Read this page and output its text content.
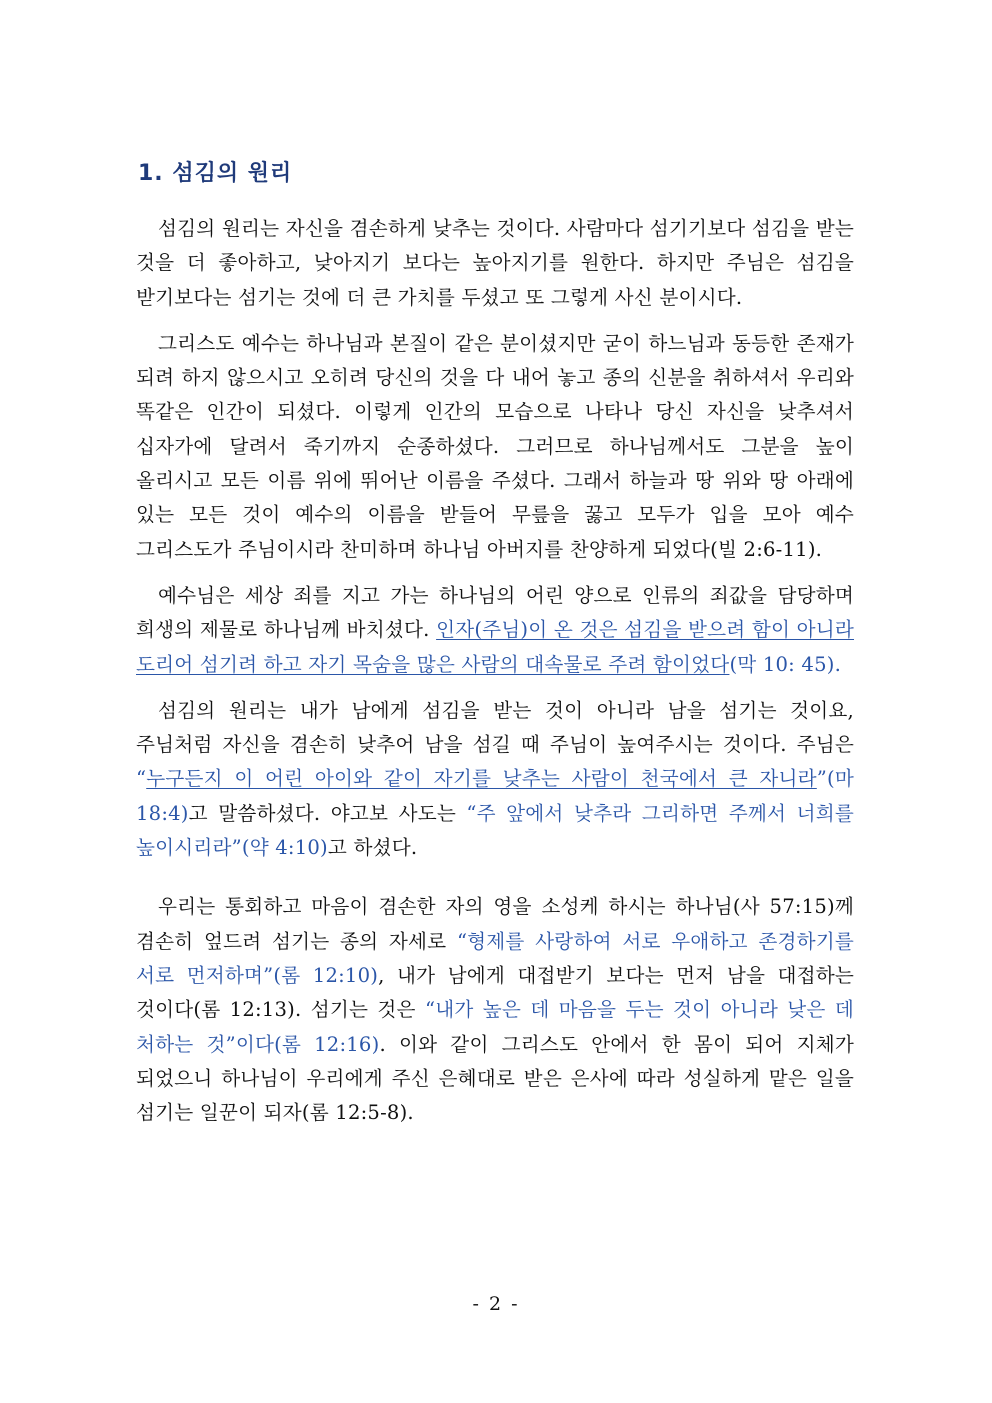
1. 섬김의 원리

섬김의 원리는 자신을 겸손하게 낮추는 것이다. 사람마다 섬기기보다 섬김을 받는 것을 더 좋아하고, 낮아지기 보다는 높아지기를 원한다. 하지만 주님은 섬김을 받기보다는 섬기는 것에 더 큰 가치를 두셨고 또 그렇게 사신 분이시다.

그리스도 예수는 하나님과 본질이 같은 분이셨지만 굳이 하느님과 동등한 존재가 되려 하지 않으시고 오히려 당신의 것을 다 내어 놓고 종의 신분을 취하셔서 우리와 똑같은 인간이 되셨다. 이렇게 인간의 모습으로 나타나 당신 자신을 낮추셔서 십자가에 달려서 죽기까지 순종하셨다. 그러므로 하나님께서도 그분을 높이 올리시고 모든 이름 위에 뛰어난 이름을 주셨다. 그래서 하늘과 땅 위와 땅 아래에 있는 모든 것이 예수의 이름을 받들어 무릎을 꿇고 모두가 입을 모아 예수 그리스도가 주님이시라 찬미하며 하나님 아버지를 찬양하게 되었다(빌 2:6-11).

예수님은 세상 죄를 지고 가는 하나님의 어린 양으로 인류의 죄값을 담당하며 희생의 제물로 하나님께 바치셨다. 인자(주님)이 온 것은 섬김을 받으려 함이 아니라 도리어 섬기려 하고 자기 목숨을 많은 사람의 대속물로 주려 함이었다(막 10: 45).

섬김의 원리는 내가 남에게 섬김을 받는 것이 아니라 남을 섬기는 것이요, 주님처럼 자신을 겸손히 낮추어 남을 섬길 때 주님이 높여주시는 것이다. 주님은 “누구든지 이 어린 아이와 같이 자기를 낮추는 사람이 천국에서 큰 자니라”(마 18:4)고 말씀하셨다. 야고보 사도는 “주 앞에서 낮추라 그리하면 주께서 너희를 높이시리라”(약 4:10)고 하셨다.

우리는 통회하고 마음이 겸손한 자의 영을 소성케 하시는 하나님(사 57:15)께 겸손히 엎드려 섬기는 종의 자세로 “형제를 사랑하여 서로 우애하고 존경하기를 서로 먼저하며”(롬 12:10), 내가 남에게 대접받기 보다는 먼저 남을 대접하는 것이다(롬 12:13). 섬기는 것은 “내가 높은 데 마음을 두는 것이 아니라 낮은 데 처하는 것”이다(롬 12:16). 이와 같이 그리스도 안에서 한 몸이 되어 지체가 되었으니 하나님이 우리에게 주신 은혜대로 받은 은사에 따라 성실하게 맡은 일을 섬기는 일꾼이 되자(롬 12:5-8).

- 2 -
